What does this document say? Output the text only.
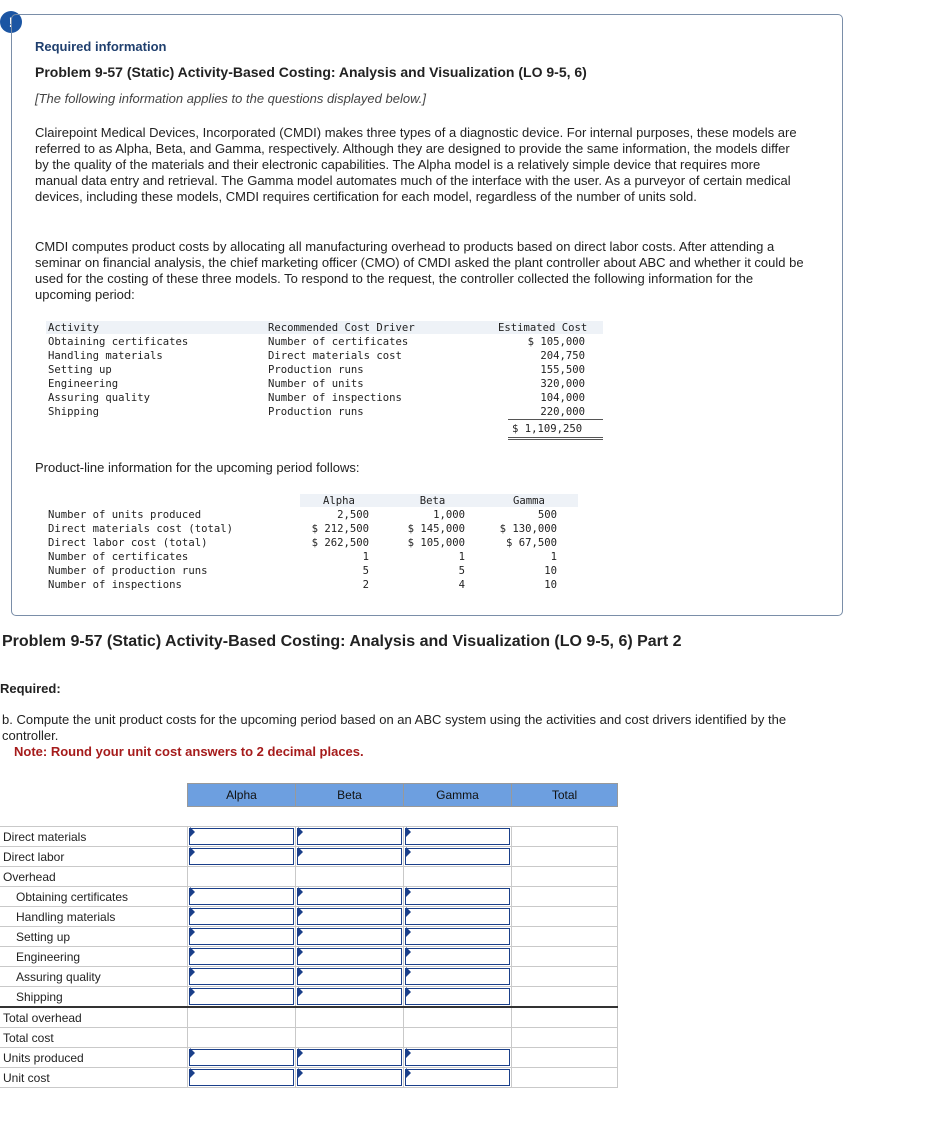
!
Required information
Problem 9-57 (Static) Activity-Based Costing: Analysis and Visualization (LO 9-5, 6)
[The following information applies to the questions displayed below.]
Clairepoint Medical Devices, Incorporated (CMDI) makes three types of a diagnostic device. For internal purposes, these models are referred to as Alpha, Beta, and Gamma, respectively. Although they are designed to provide the same information, the models differ by the quality of the materials and their electronic capabilities. The Alpha model is a relatively simple device that requires more manual data entry and retrieval. The Gamma model automates much of the interface with the user. As a purveyor of certain medical devices, including these models, CMDI requires certification for each model, regardless of the number of units sold.
CMDI computes product costs by allocating all manufacturing overhead to products based on direct labor costs. After attending a seminar on financial analysis, the chief marketing officer (CMO) of CMDI asked the plant controller about ABC and whether it could be used for the costing of these three models. To respond to the request, the controller collected the following information for the upcoming period:
Activity	Recommended Cost Driver	Estimated Cost
Obtaining certificates	Number of certificates	$ 105,000
Handling materials	Direct materials cost	204,750
Setting up	Production runs	155,500
Engineering	Number of units	320,000
Assuring quality	Number of inspections	104,000
Shipping	Production runs	220,000
$ 1,109,250
Product-line information for the upcoming period follows:
Alpha	Beta	Gamma
Number of units produced	2,500	1,000	500
Direct materials cost (total)	$ 212,500	$ 145,000	$ 130,000
Direct labor cost (total)	$ 262,500	$ 105,000	$ 67,500
Number of certificates	1	1	1
Number of production runs	5	5	10
Number of inspections	2	4	10
Problem 9-57 (Static) Activity-Based Costing: Analysis and Visualization (LO 9-5, 6) Part 2
Required:
b. Compute the unit product costs for the upcoming period based on an ABC system using the activities and cost drivers identified by the controller.
Note: Round your unit cost answers to 2 decimal places.
	Alpha	Beta	Gamma	Total

Direct materials	

Direct labor	

Overhead				
Obtaining certificates	

Handling materials	

Setting up	

Engineering	

Assuring quality	

Shipping	

Total overhead				
Total cost				
Units produced	

Unit cost	
